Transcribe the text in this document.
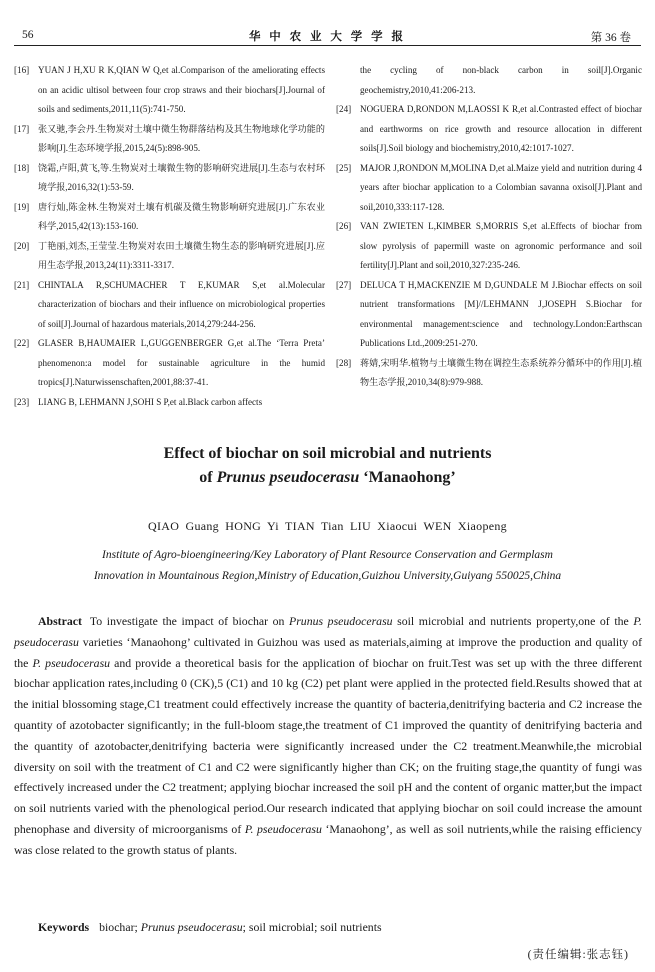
56	华 中 农 业 大 学 学 报	第 36 卷
[16] YUAN J H,XU R K,QIAN W Q,et al.Comparison of the ameliorating effects on an acidic ultisol between four crop straws and their biochars[J].Journal of soils and sediments,2011,11(5):741-750.
[17] 张又驰,李会丹.生物炭对土壤中微生物群落结构及其生物地球化学功能的影响[J].生态环境学报,2015,24(5):898-905.
[18] 饶霜,卢阳,黄飞,等.生物炭对土壤微生物的影响研究进展[J].生态与农村环境学报,2016,32(1):53-59.
[19] 唐行灿,陈金林.生物炭对土壤有机碳及微生物影响研究进展[J].广东农业科学,2015,42(13):153-160.
[20] 丁艳丽,刘杰,王莹莹.生物炭对农田土壤微生物生态的影响研究进展[J].应用生态学报,2013,24(11):3311-3317.
[21] CHINTALA R,SCHUMACHER T E,KUMAR S,et al.Molecular characterization of biochars and their influence on microbiological properties of soil[J].Journal of hazardous materials,2014,279:244-256.
[22] GLASER B,HAUMAIER L,GUGGENBERGER G,et al.The ‘Terra Preta’ phenomenon:a model for sustainable agriculture in the humid tropics[J].Naturwissenschaften,2001,88:37-41.
[23] LIANG B, LEHMANN J,SOHI S P,et al.Black carbon affects
the cycling of non-black carbon in soil[J].Organic geochemistry,2010,41:206-213.
[24] NOGUERA D,RONDON M,LAOSSI K R,et al.Contrasted effect of biochar and earthworms on rice growth and resource allocation in different soils[J].Soil biology and biochemistry,2010,42:1017-1027.
[25] MAJOR J,RONDON M,MOLINA D,et al.Maize yield and nutrition during 4 years after biochar application to a Colombian savanna oxisol[J].Plant and soil,2010,333:117-128.
[26] VAN ZWIETEN L,KIMBER S,MORRIS S,et al.Effects of biochar from slow pyrolysis of papermill waste on agronomic performance and soil fertility[J].Plant and soil,2010,327:235-246.
[27] DELUCA T H,MACKENZIE M D,GUNDALE M J.Biochar effects on soil nutrient transformations [M]//LEHMANN J,JOSEPH S.Biochar for environmental management:science and technology.London:Earthscan Publications Ltd.,2009:251-270.
[28] 蒋婧,宋明华.植物与土壤微生物在调控生态系统养分循环中的作用[J].植物生态学报,2010,34(8):979-988.
Effect of biochar on soil microbial and nutrients
of Prunus pseudocerasu ‘Manaohong’
QIAO Guang HONG Yi TIAN Tian LIU Xiaocui WEN Xiaopeng
Institute of Agro-bioengineering/Key Laboratory of Plant Resource Conservation and Germplasm
Innovation in Mountainous Region,Ministry of Education,Guizhou University,Guiyang 550025,China
Abstract To investigate the impact of biochar on Prunus pseudocerasu soil microbial and nutrients property,one of the P. pseudocerasu varieties ‘Manaohong’ cultivated in Guizhou was used as materials,aiming at improve the production and quality of the P. pseudocerasu and provide a theoretical basis for the application of biochar on fruit.Test was set up with the three different biochar application rates,including 0 (CK),5 (C1) and 10 kg (C2) pet plant were applied in the protected field.Results showed that at the initial blossoming stage,C1 treatment could effectively increase the quantity of bacteria,denitrifying bacteria and C2 increase the quantity of azotobacter significantly; in the full-bloom stage,the treatment of C1 improved the quantity of denitrifying bacteria and the quantity of azotobacter,denitrifying bacteria were significantly increased under the C2 treatment.Meanwhile,the microbial diversity on soil with the treatment of C1 and C2 were significantly higher than CK; on the fruiting stage,the quantity of fungi was effectively increased under the C2 treatment; applying biochar increased the soil pH and the content of organic matter,but the impact on soil nutrients varied with the phenological period.Our research indicated that applying biochar on soil could increase the amount phenophase and diversity of microorganisms of P. pseudocerasu ‘Manaohong’, as well as soil nutrients,while the raising efficiency was close related to the growth status of plants.
Keywords biochar; Prunus pseudocerasu; soil microbial; soil nutrients
(责任编辑:张志钰)
